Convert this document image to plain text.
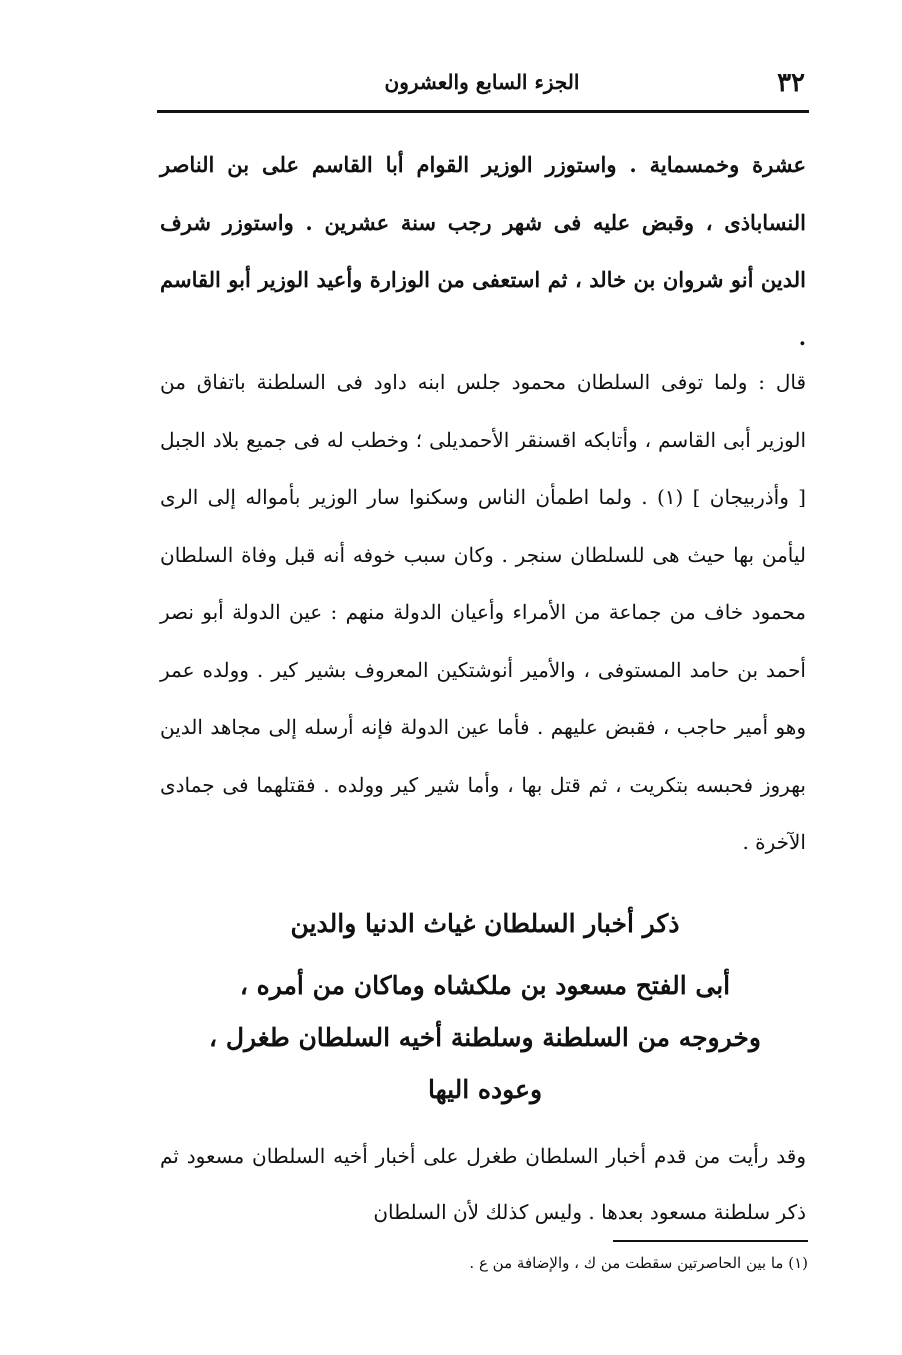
٣٢
الجزء السابع والعشرون

عشرة وخمسماية . واستوزر الوزير القوام أبا القاسم على بن الناصر النساباذى ، وقبض عليه فى شهر رجب سنة عشرين . واستوزر شرف الدين أنو شروان بن خالد ، ثم استعفى من الوزارة وأعيد الوزير أبو القاسم .

قال : ولما توفى السلطان محمود جلس ابنه داود فى السلطنة باتفاق من الوزير أبى القاسم ، وأتابكه اقسنقر الأحمديلى ؛ وخطب له فى جميع بلاد الجبل [ وأذربيجان ] (١) . ولما اطمأن الناس وسكنوا سار الوزير بأمواله إلى الرى ليأمن بها حيث هى للسلطان سنجر . وكان سبب خوفه أنه قبل وفاة السلطان محمود خاف من جماعة من الأمراء وأعيان الدولة منهم : عين الدولة أبو نصر أحمد بن حامد المستوفى ، والأمير أنوشتكين المعروف بشير كير . وولده عمر وهو أمير حاجب ، فقبض عليهم . فأما عين الدولة فإنه أرسله إلى مجاهد الدين بهروز فحبسه بتكريت ، ثم قتل بها ، وأما شير كير وولده . فقتلهما فى جمادى الآخرة .

ذكر أخبار السلطان غياث الدنيا والدين
أبى الفتح مسعود بن ملكشاه وماكان من أمره ،
وخروجه من السلطنة وسلطنة أخيه السلطان طغرل ،
وعوده اليها

وقد رأيت من قدم أخبار السلطان طغرل على أخبار أخيه السلطان مسعود ثم ذكر سلطنة مسعود بعدها . وليس كذلك لأن السلطان

(١) ما بين الحاصرتين سقطت من ك ، والإضافة من ع .
